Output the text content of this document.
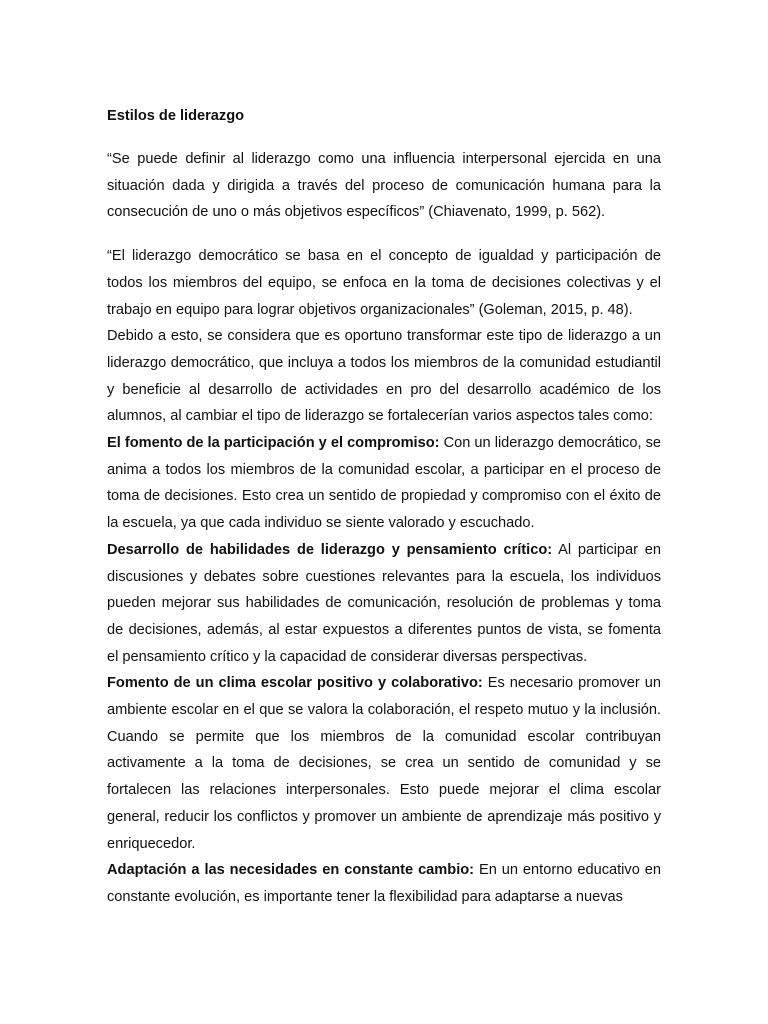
Estilos de liderazgo

“Se puede definir al liderazgo como una influencia interpersonal ejercida en una situación dada y dirigida a través del proceso de comunicación humana para la consecución de uno o más objetivos específicos” (Chiavenato, 1999, p. 562).

“El liderazgo democrático se basa en el concepto de igualdad y participación de todos los miembros del equipo, se enfoca en la toma de decisiones colectivas y el trabajo en equipo para lograr objetivos organizacionales” (Goleman, 2015, p. 48).

Debido a esto, se considera que es oportuno transformar este tipo de liderazgo a un liderazgo democrático, que incluya a todos los miembros de la comunidad estudiantil y beneficie al desarrollo de actividades en pro del desarrollo académico de los alumnos, al cambiar el tipo de liderazgo se fortalecerían varios aspectos tales como:

El fomento de la participación y el compromiso: Con un liderazgo democrático, se anima a todos los miembros de la comunidad escolar, a participar en el proceso de toma de decisiones. Esto crea un sentido de propiedad y compromiso con el éxito de la escuela, ya que cada individuo se siente valorado y escuchado.

Desarrollo de habilidades de liderazgo y pensamiento crítico: Al participar en discusiones y debates sobre cuestiones relevantes para la escuela, los individuos pueden mejorar sus habilidades de comunicación, resolución de problemas y toma de decisiones, además, al estar expuestos a diferentes puntos de vista, se fomenta el pensamiento crítico y la capacidad de considerar diversas perspectivas.

Fomento de un clima escolar positivo y colaborativo: Es necesario promover un ambiente escolar en el que se valora la colaboración, el respeto mutuo y la inclusión. Cuando se permite que los miembros de la comunidad escolar contribuyan activamente a la toma de decisiones, se crea un sentido de comunidad y se fortalecen las relaciones interpersonales. Esto puede mejorar el clima escolar general, reducir los conflictos y promover un ambiente de aprendizaje más positivo y enriquecedor.

Adaptación a las necesidades en constante cambio: En un entorno educativo en constante evolución, es importante tener la flexibilidad para adaptarse a nuevas
